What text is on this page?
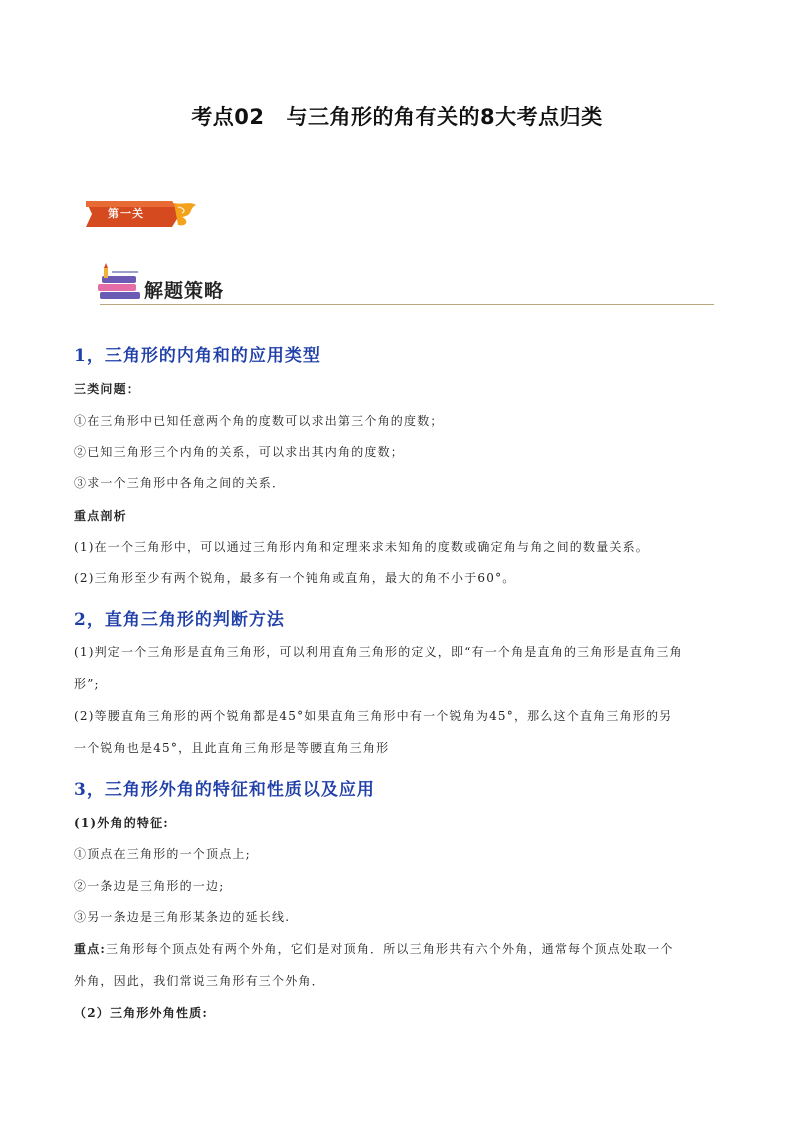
考点02 与三角形的角有关的8大考点归类
第一关
解题策略
1，三角形的内角和的应用类型
三类问题：
①在三角形中已知任意两个角的度数可以求出第三个角的度数；
②已知三角形三个内角的关系，可以求出其内角的度数；
③求一个三角形中各角之间的关系．
重点剖析
(1)在一个三角形中，可以通过三角形内角和定理来求未知角的度数或确定角与角之间的数量关系。
(2)三角形至少有两个锐角，最多有一个钝角或直角，最大的角不小于60°。
2，直角三角形的判断方法
(1)判定一个三角形是直角三角形，可以利用直角三角形的定义，即“有一个角是直角的三角形是直角三角
形”;
(2)等腰直角三角形的两个锐角都是45°如果直角三角形中有一个锐角为45°，那么这个直角三角形的另
一个锐角也是45°，且此直角三角形是等腰直角三角形
3，三角形外角的特征和性质以及应用
(1)外角的特征:
①顶点在三角形的一个顶点上;
②一条边是三角形的一边;
③另一条边是三角形某条边的延长线.
重点:三角形每个顶点处有两个外角，它们是对顶角．所以三角形共有六个外角，通常每个顶点处取一个
外角，因此，我们常说三角形有三个外角．
（2）三角形外角性质:
